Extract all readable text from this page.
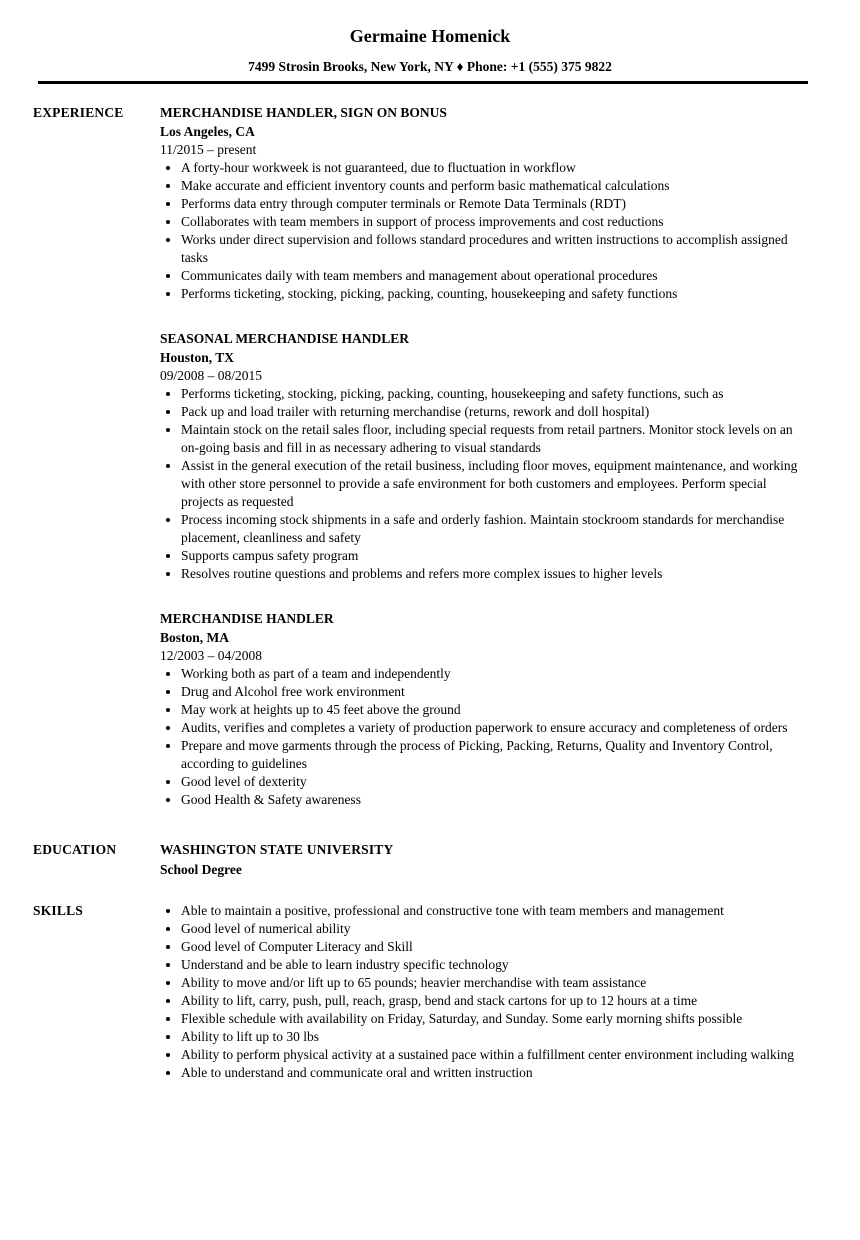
Germaine Homenick
7499 Strosin Brooks, New York, NY ♦ Phone: +1 (555) 375 9822
EXPERIENCE	MERCHANDISE HANDLER, SIGN ON BONUS
Los Angeles, CA
11/2015 – present
• A forty-hour workweek is not guaranteed, due to fluctuation in workflow
• Make accurate and efficient inventory counts and perform basic mathematical calculations
• Performs data entry through computer terminals or Remote Data Terminals (RDT)
• Collaborates with team members in support of process improvements and cost reductions
• Works under direct supervision and follows standard procedures and written instructions to accomplish assigned tasks
• Communicates daily with team members and management about operational procedures
• Performs ticketing, stocking, picking, packing, counting, housekeeping and safety functions
SEASONAL MERCHANDISE HANDLER
Houston, TX
09/2008 – 08/2015
• Performs ticketing, stocking, picking, packing, counting, housekeeping and safety functions, such as
• Pack up and load trailer with returning merchandise (returns, rework and doll hospital)
• Maintain stock on the retail sales floor, including special requests from retail partners. Monitor stock levels on an on-going basis and fill in as necessary adhering to visual standards
• Assist in the general execution of the retail business, including floor moves, equipment maintenance, and working with other store personnel to provide a safe environment for both customers and employees. Perform special projects as requested
• Process incoming stock shipments in a safe and orderly fashion. Maintain stockroom standards for merchandise placement, cleanliness and safety
• Supports campus safety program
• Resolves routine questions and problems and refers more complex issues to higher levels
MERCHANDISE HANDLER
Boston, MA
12/2003 – 04/2008
• Working both as part of a team and independently
• Drug and Alcohol free work environment
• May work at heights up to 45 feet above the ground
• Audits, verifies and completes a variety of production paperwork to ensure accuracy and completeness of orders
• Prepare and move garments through the process of Picking, Packing, Returns, Quality and Inventory Control, according to guidelines
• Good level of dexterity
• Good Health & Safety awareness
EDUCATION	WASHINGTON STATE UNIVERSITY
School Degree
SKILLS	• Able to maintain a positive, professional and constructive tone with team members and management
• Good level of numerical ability
• Good level of Computer Literacy and Skill
• Understand and be able to learn industry specific technology
• Ability to move and/or lift up to 65 pounds; heavier merchandise with team assistance
• Ability to lift, carry, push, pull, reach, grasp, bend and stack cartons for up to 12 hours at a time
• Flexible schedule with availability on Friday, Saturday, and Sunday. Some early morning shifts possible
• Ability to lift up to 30 lbs
• Ability to perform physical activity at a sustained pace within a fulfillment center environment including walking
• Able to understand and communicate oral and written instruction
